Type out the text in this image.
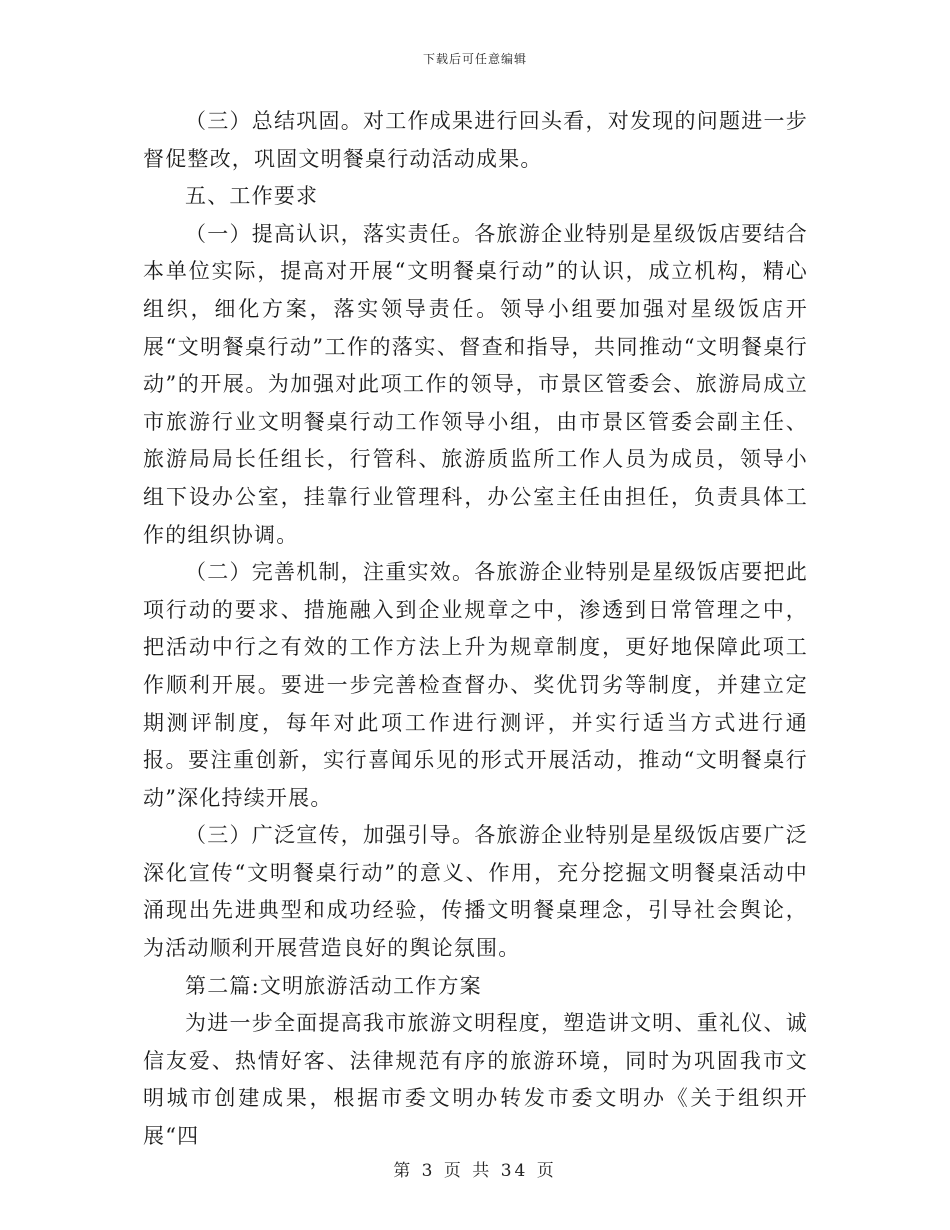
下载后可任意编辑

（三）总结巩固。对工作成果进行回头看，对发现的问题进一步督促整改，巩固文明餐桌行动活动成果。

五、工作要求

（一）提高认识，落实责任。各旅游企业特别是星级饭店要结合本单位实际，提高对开展“文明餐桌行动”的认识，成立机构，精心组织，细化方案，落实领导责任。领导小组要加强对星级饭店开展“文明餐桌行动”工作的落实、督查和指导，共同推动“文明餐桌行动”的开展。为加强对此项工作的领导，市景区管委会、旅游局成立市旅游行业文明餐桌行动工作领导小组，由市景区管委会副主任、旅游局局长任组长，行管科、旅游质监所工作人员为成员，领导小组下设办公室，挂靠行业管理科，办公室主任由担任，负责具体工作的组织协调。

（二）完善机制，注重实效。各旅游企业特别是星级饭店要把此项行动的要求、措施融入到企业规章之中，渗透到日常管理之中，把活动中行之有效的工作方法上升为规章制度，更好地保障此项工作顺利开展。要进一步完善检查督办、奖优罚劣等制度，并建立定期测评制度，每年对此项工作进行测评，并实行适当方式进行通报。要注重创新，实行喜闻乐见的形式开展活动，推动“文明餐桌行动”深化持续开展。

（三）广泛宣传，加强引导。各旅游企业特别是星级饭店要广泛深化宣传“文明餐桌行动”的意义、作用，充分挖掘文明餐桌活动中涌现出先进典型和成功经验，传播文明餐桌理念，引导社会舆论，为活动顺利开展营造良好的舆论氛围。

第二篇:文明旅游活动工作方案

为进一步全面提高我市旅游文明程度，塑造讲文明、重礼仪、诚信友爱、热情好客、法律规范有序的旅游环境，同时为巩固我市文明城市创建成果，根据市委文明办转发市委文明办《关于组织开展“四

第 3 页 共 34 页
